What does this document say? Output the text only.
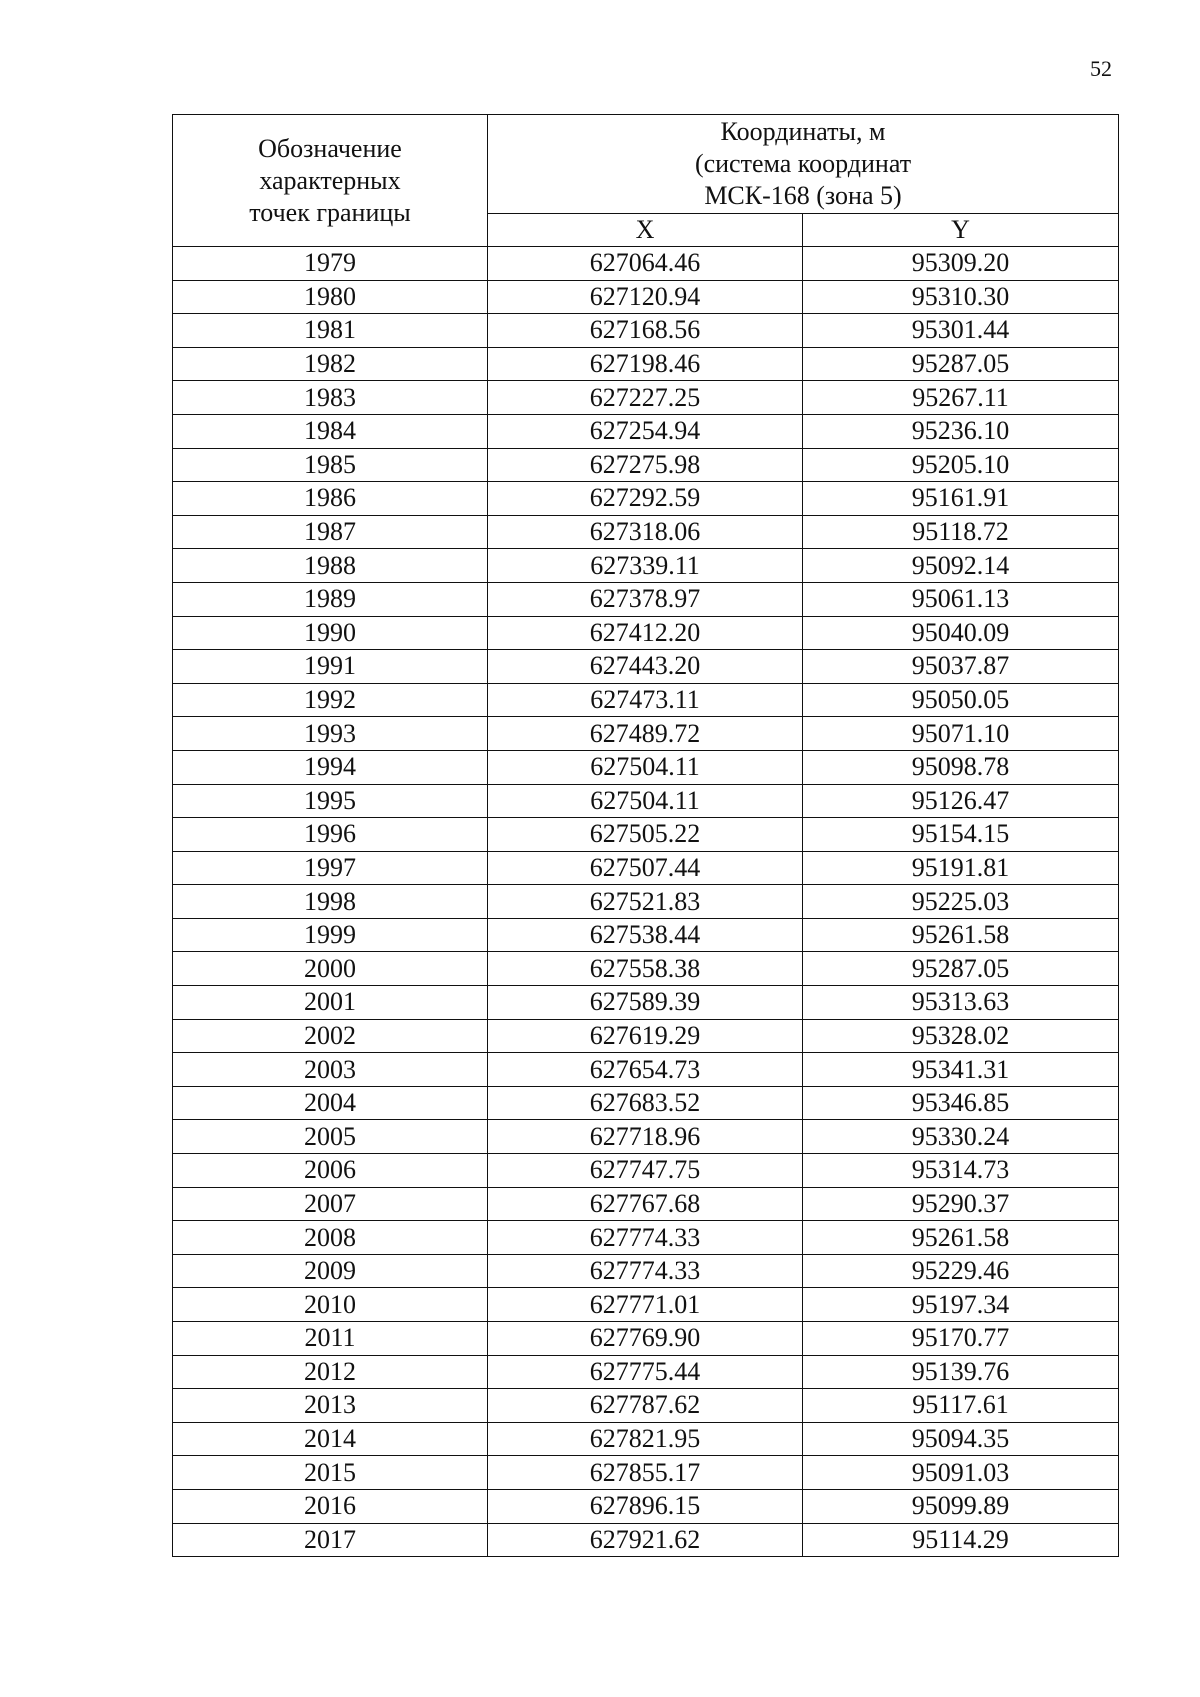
52
Обозначение
характерных
точек границы	Координаты, м
(система координат
МСК-168 (зона 5)	

	X	Y
1979	627064.46	95309.20
1980	627120.94	95310.30
1981	627168.56	95301.44
1982	627198.46	95287.05
1983	627227.25	95267.11
1984	627254.94	95236.10
1985	627275.98	95205.10
1986	627292.59	95161.91
1987	627318.06	95118.72
1988	627339.11	95092.14
1989	627378.97	95061.13
1990	627412.20	95040.09
1991	627443.20	95037.87
1992	627473.11	95050.05
1993	627489.72	95071.10
1994	627504.11	95098.78
1995	627504.11	95126.47
1996	627505.22	95154.15
1997	627507.44	95191.81
1998	627521.83	95225.03
1999	627538.44	95261.58
2000	627558.38	95287.05
2001	627589.39	95313.63
2002	627619.29	95328.02
2003	627654.73	95341.31
2004	627683.52	95346.85
2005	627718.96	95330.24
2006	627747.75	95314.73
2007	627767.68	95290.37
2008	627774.33	95261.58
2009	627774.33	95229.46
2010	627771.01	95197.34
2011	627769.90	95170.77
2012	627775.44	95139.76
2013	627787.62	95117.61
2014	627821.95	95094.35
2015	627855.17	95091.03
2016	627896.15	95099.89
2017	627921.62	95114.29
